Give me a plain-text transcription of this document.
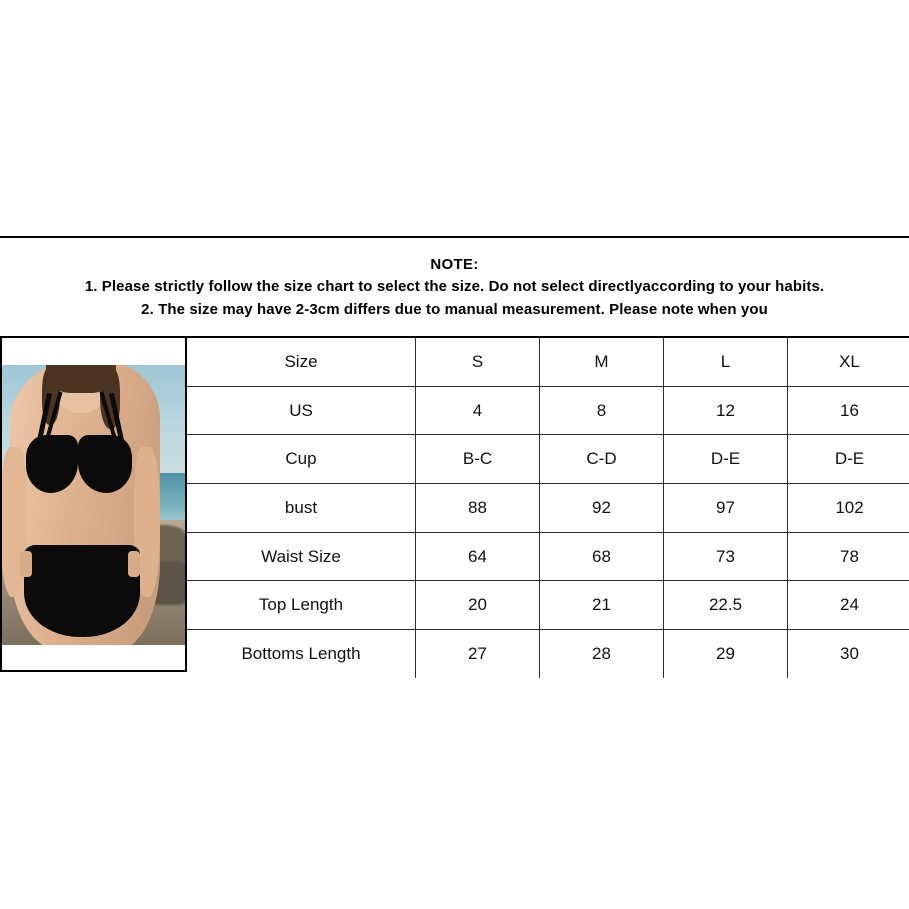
NOTE:
1. Please strictly follow the size chart to select the size. Do not select directlyaccording to your habits.
2. The size may have 2-3cm differs due to manual measurement. Please note when you
Size	S	M	L	XL
US	4	8	12	16
Cup	B-C	C-D	D-E	D-E
bust	88	92	97	102
Waist Size	64	68	73	78
Top Length	20	21	22.5	24
Bottoms Length	27	28	29	30
